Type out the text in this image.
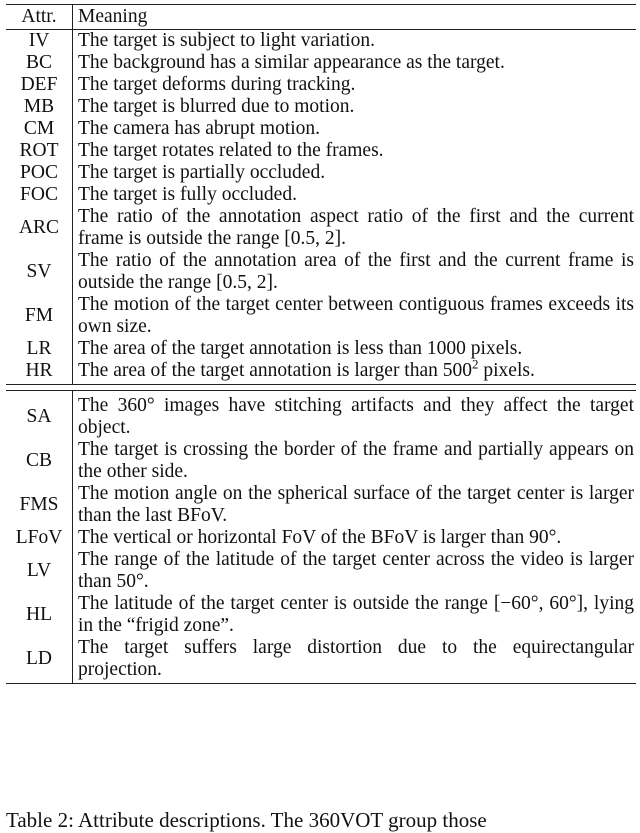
Attr.	Meaning
IV	The target is subject to light variation.
BC	The background has a similar appearance as the target.
DEF	The target deforms during tracking.
MB	The target is blurred due to motion.
CM	The camera has abrupt motion.
ROT	The target rotates related to the frames.
POC	The target is partially occluded.
FOC	The target is fully occluded.
ARC	The ratio of the annotation aspect ratio of the first and the current frame is outside the range [0.5, 2].
SV	The ratio of the annotation area of the first and the current frame is outside the range [0.5, 2].
FM	The motion of the target center between contiguous frames exceeds its own size.
LR	The area of the target annotation is less than 1000 pixels.
HR	The area of the target annotation is larger than $500^2$ pixels.

SA	The 360° images have stitching artifacts and they affect the target object.
CB	The target is crossing the border of the frame and partially appears on the other side.
FMS	The motion angle on the spherical surface of the target center is larger than the last BFoV.
LFoV	The vertical or horizontal FoV of the BFoV is larger than 90°.
LV	The range of the latitude of the target center across the video is larger than 50°.
HL	The latitude of the target center is outside the range [−60°, 60°], lying in the “frigid zone”.
LD	The target suffers large distortion due to the equirectangular projection.
Table 2: Attribute descriptions. The 360VOT group those
